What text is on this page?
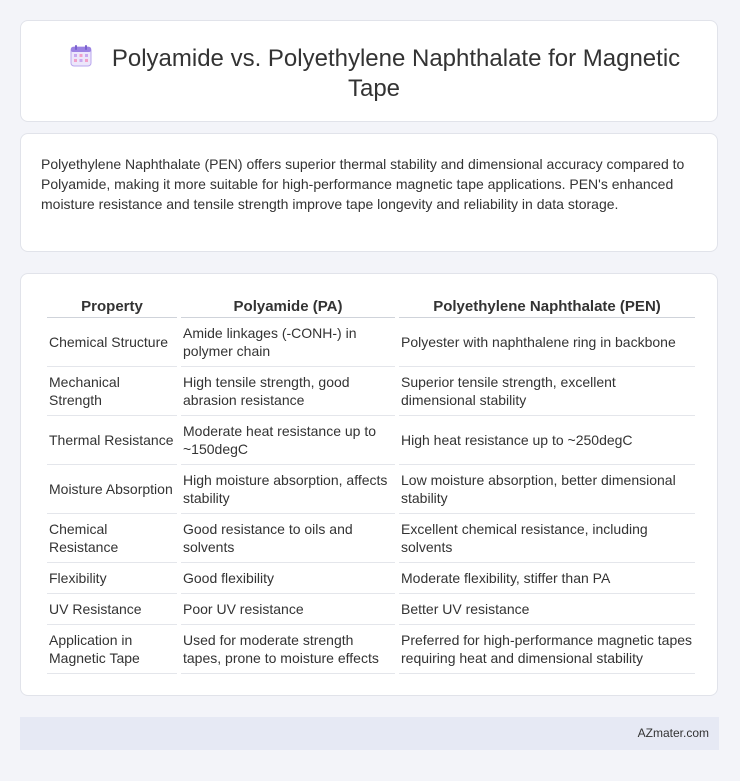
Polyamide vs. Polyethylene Naphthalate for Magnetic Tape

Polyethylene Naphthalate (PEN) offers superior thermal stability and dimensional accuracy compared to Polyamide, making it more suitable for high-performance magnetic tape applications. PEN's enhanced moisture resistance and tensile strength improve tape longevity and reliability in data storage.

Property	Polyamide (PA)	Polyethylene Naphthalate (PEN)
Chemical Structure	Amide linkages (-CONH-) in polymer chain	Polyester with naphthalene ring in backbone
Mechanical Strength	High tensile strength, good abrasion resistance	Superior tensile strength, excellent dimensional stability
Thermal Resistance	Moderate heat resistance up to ~150degC	High heat resistance up to ~250degC
Moisture Absorption	High moisture absorption, affects stability	Low moisture absorption, better dimensional stability
Chemical Resistance	Good resistance to oils and solvents	Excellent chemical resistance, including solvents
Flexibility	Good flexibility	Moderate flexibility, stiffer than PA
UV Resistance	Poor UV resistance	Better UV resistance
Application in Magnetic Tape	Used for moderate strength tapes, prone to moisture effects	Preferred for high-performance magnetic tapes requiring heat and dimensional stability
AZmater.com
